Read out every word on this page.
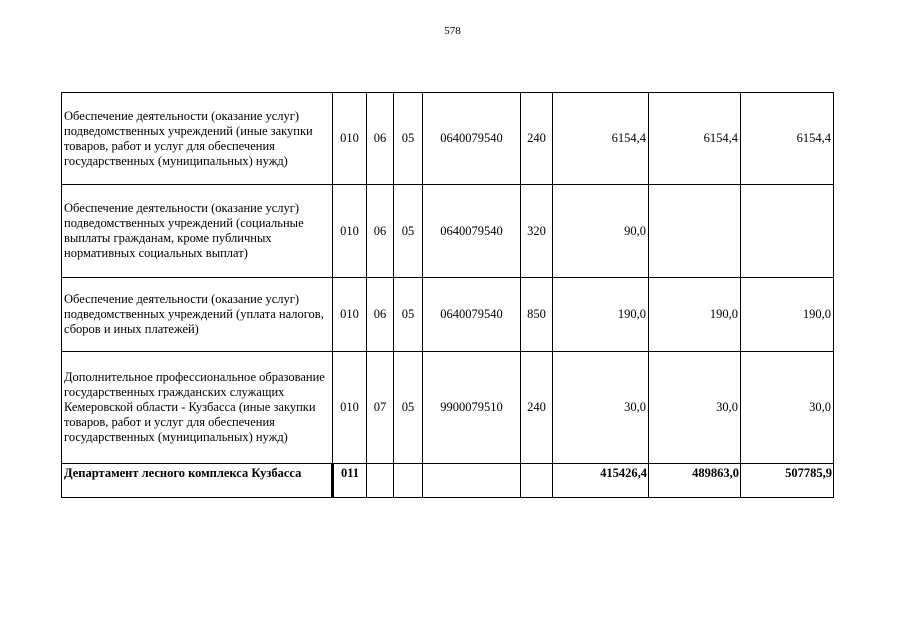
578
Обеспечение деятельности (оказание услуг) подведомственных учреждений (иные закупки товаров, работ и услуг для обеспечения государственных (муниципальных) нужд)	010	06	05	0640079540	240	6154,4	6154,4	6154,4
Обеспечение деятельности (оказание услуг) подведомственных учреждений (социальные выплаты гражданам, кроме публичных нормативных социальных выплат)	010	06	05	0640079540	320	90,0		
Обеспечение деятельности (оказание услуг) подведомственных учреждений (уплата налогов, сборов и иных платежей)	010	06	05	0640079540	850	190,0	190,0	190,0
Дополнительное профессиональное образование государственных гражданских служащих Кемеровской области - Кузбасса (иные закупки товаров, работ и услуг для обеспечения государственных (муниципальных) нужд)	010	07	05	9900079510	240	30,0	30,0	30,0
Департамент лесного комплекса Кузбасса	011					415426,4	489863,0	507785,9
